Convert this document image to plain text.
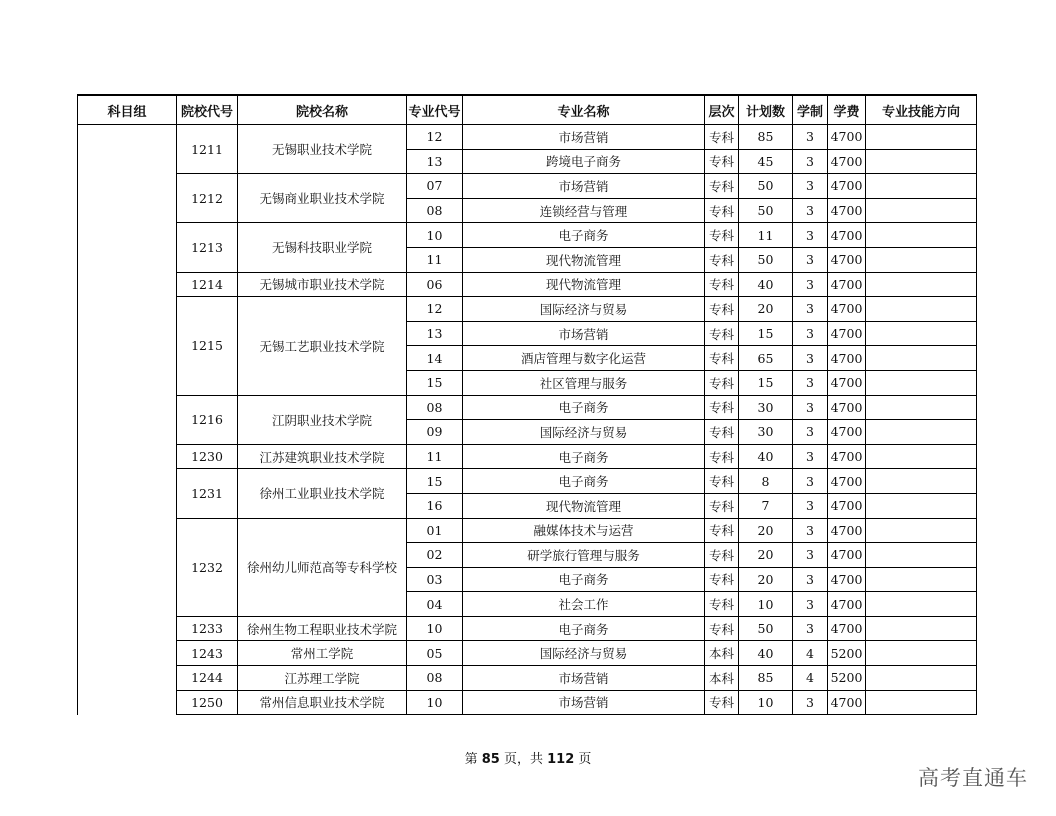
科目组	院校代号	院校名称	专业代号	专业名称	层次	计划数	学制	学费	专业技能方向
	1211	无锡职业技术学院	12	市场营销	专科	85	3	4700	
			13	跨境电子商务	专科	45	3	4700	
	1212	无锡商业职业技术学院	07	市场营销	专科	50	3	4700	
			08	连锁经营与管理	专科	50	3	4700	
	1213	无锡科技职业学院	10	电子商务	专科	11	3	4700	
			11	现代物流管理	专科	50	3	4700	
	1214	无锡城市职业技术学院	06	现代物流管理	专科	40	3	4700	
	1215	无锡工艺职业技术学院	12	国际经济与贸易	专科	20	3	4700	
			13	市场营销	专科	15	3	4700	
			14	酒店管理与数字化运营	专科	65	3	4700	
			15	社区管理与服务	专科	15	3	4700	
	1216	江阴职业技术学院	08	电子商务	专科	30	3	4700	
			09	国际经济与贸易	专科	30	3	4700	
	1230	江苏建筑职业技术学院	11	电子商务	专科	40	3	4700	
	1231	徐州工业职业技术学院	15	电子商务	专科	8	3	4700	
			16	现代物流管理	专科	7	3	4700	
	1232	徐州幼儿师范高等专科学校	01	融媒体技术与运营	专科	20	3	4700	
			02	研学旅行管理与服务	专科	20	3	4700	
			03	电子商务	专科	20	3	4700	
			04	社会工作	专科	10	3	4700	
	1233	徐州生物工程职业技术学院	10	电子商务	专科	50	3	4700	
	1243	常州工学院	05	国际经济与贸易	本科	40	4	5200	
	1244	江苏理工学院	08	市场营销	本科	85	4	5200	
	1250	常州信息职业技术学院	10	市场营销	专科	10	3	4700	
第 85 页，共 112 页
高考直通车
